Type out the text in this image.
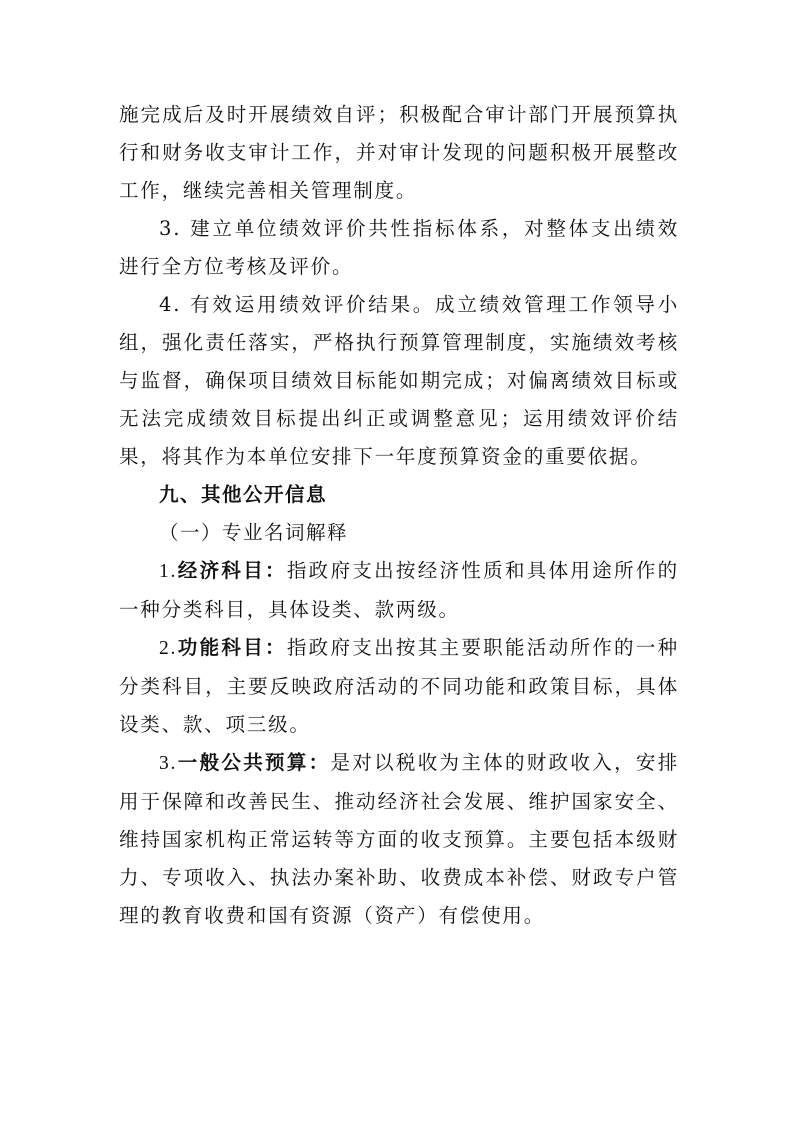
施完成后及时开展绩效自评；积极配合审计部门开展预算执行和财务收支审计工作，并对审计发现的问题积极开展整改工作，继续完善相关管理制度。

3. 建立单位绩效评价共性指标体系，对整体支出绩效进行全方位考核及评价。

4. 有效运用绩效评价结果。成立绩效管理工作领导小组，强化责任落实，严格执行预算管理制度，实施绩效考核与监督，确保项目绩效目标能如期完成；对偏离绩效目标或无法完成绩效目标提出纠正或调整意见；运用绩效评价结果，将其作为本单位安排下一年度预算资金的重要依据。

九、其他公开信息

（一）专业名词解释

1.经济科目：指政府支出按经济性质和具体用途所作的一种分类科目，具体设类、款两级。

2.功能科目：指政府支出按其主要职能活动所作的一种分类科目，主要反映政府活动的不同功能和政策目标，具体设类、款、项三级。

3.一般公共预算：是对以税收为主体的财政收入，安排用于保障和改善民生、推动经济社会发展、维护国家安全、维持国家机构正常运转等方面的收支预算。主要包括本级财力、专项收入、执法办案补助、收费成本补偿、财政专户管理的教育收费和国有资源（资产）有偿使用。
